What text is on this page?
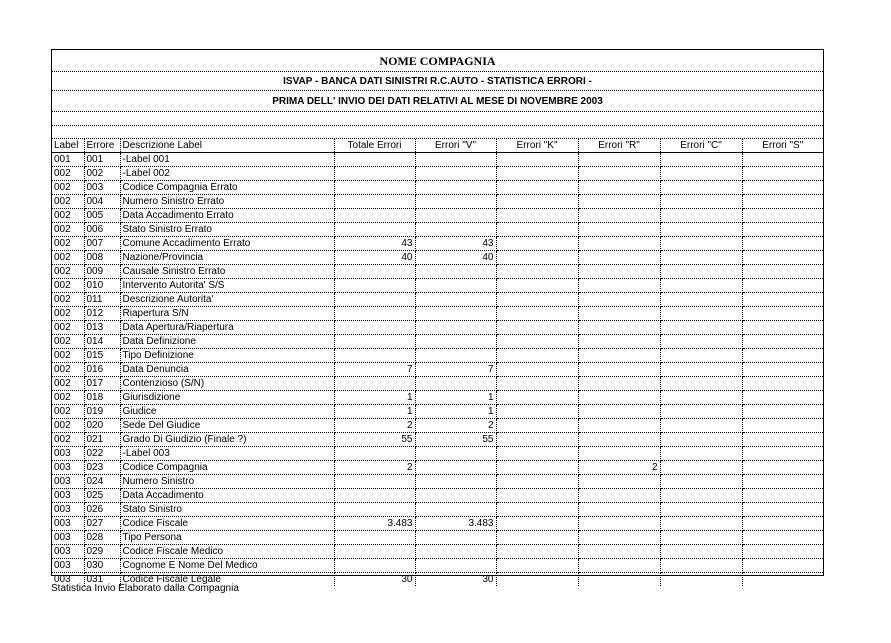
NOME COMPAGNIA
ISVAP - BANCA DATI SINISTRI R.C.AUTO - STATISTICA ERRORI -
PRIMA DELL' INVIO DEI DATI RELATIVI AL MESE DI NOVEMBRE 2003
Label	Errore	Descrizione Label	Totale Errori	Errori "V"	Errori "K"	Errori "R"	Errori "C"	Errori "S"
001	001	-Label 001						
002	002	-Label 002						
002	003	Codice Compagnia Errato						
002	004	Numero Sinistro Errato						
002	005	Data Accadimento Errato						
002	006	Stato Sinistro Errato						
002	007	Comune Accadimento Errato	43	43				
002	008	Nazione/Provincia	40	40				
002	009	Causale Sinistro Errato						
002	010	Intervento Autorita' S/S						
002	011	Descrizione Autorita'						
002	012	Riapertura S/N						
002	013	Data Apertura/Riapertura						
002	014	Data Definizione						
002	015	Tipo Definizione						
002	016	Data Denuncia	7	7				
002	017	Contenzioso (S/N)						
002	018	Giurisdizione	1	1				
002	019	Giudice	1	1				
002	020	Sede Del Giudice	2	2				
002	021	Grado Di Giudizio (Finale ?)	55	55				
003	022	-Label 003						
003	023	Codice Compagnia	2			2		
003	024	Numero Sinistro						
003	025	Data Accadimento						
003	026	Stato Sinistro						
003	027	Codice Fiscale	3.483	3.483				
003	028	Tipo Persona						
003	029	Codice Fiscale Medico						
003	030	Cognome E Nome Del Medico						
003	031	Codice Fiscale Legale	30	30				
Statistica Invio Elaborato dalla Compagnia
